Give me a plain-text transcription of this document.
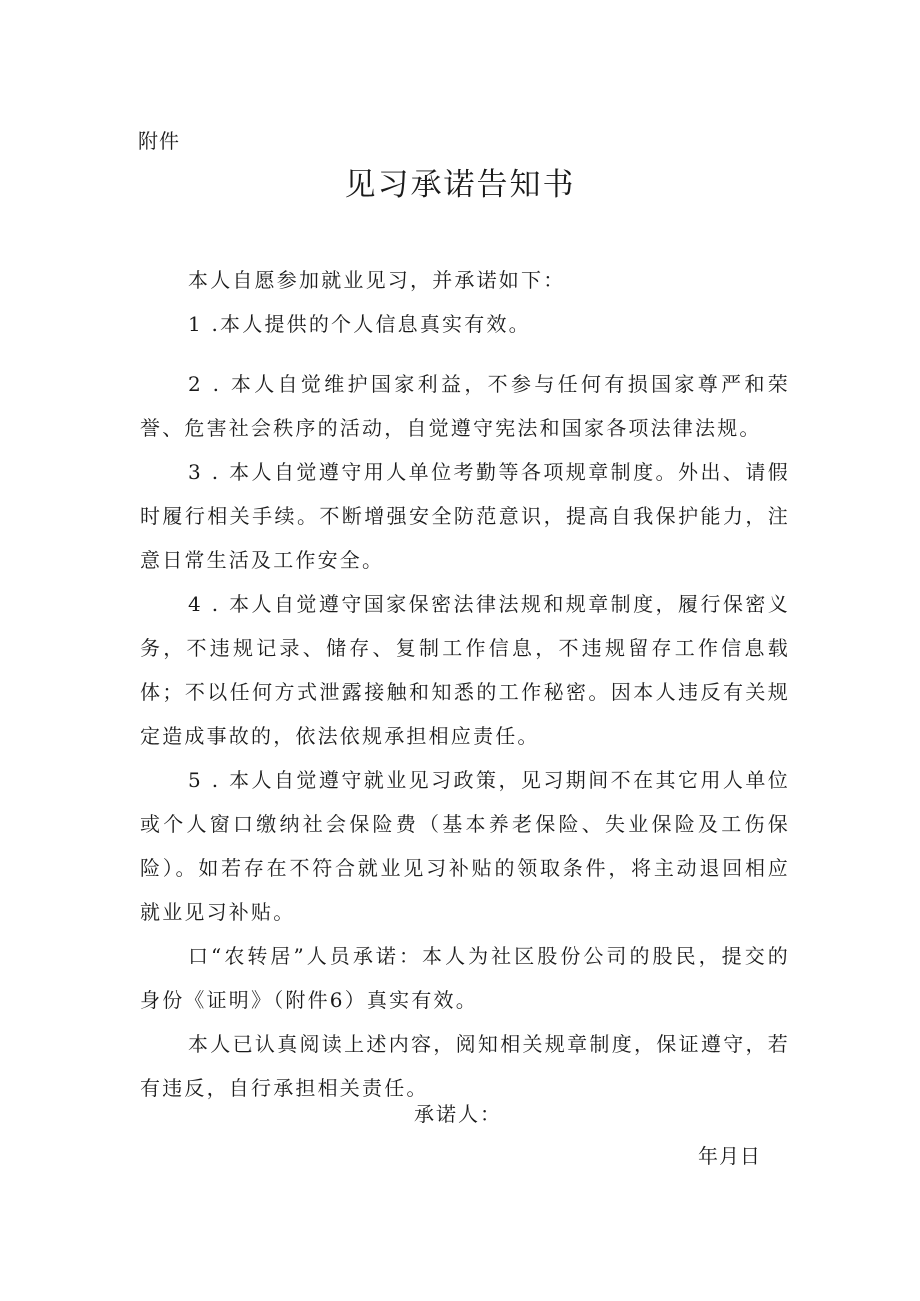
附件
见习承诺告知书

本人自愿参加就业见习，并承诺如下：

1 .本人提供的个人信息真实有效。

2 . 本人自觉维护国家利益，不参与任何有损国家尊严和荣誉、危害社会秩序的活动，自觉遵守宪法和国家各项法律法规。

3 . 本人自觉遵守用人单位考勤等各项规章制度。外出、请假时履行相关手续。不断增强安全防范意识，提高自我保护能力，注意日常生活及工作安全。

4 . 本人自觉遵守国家保密法律法规和规章制度，履行保密义务，不违规记录、储存、复制工作信息，不违规留存工作信息载体；不以任何方式泄露接触和知悉的工作秘密。因本人违反有关规定造成事故的，依法依规承担相应责任。

5 . 本人自觉遵守就业见习政策，见习期间不在其它用人单位或个人窗口缴纳社会保险费（基本养老保险、失业保险及工伤保险）。如若存在不符合就业见习补贴的领取条件，将主动退回相应就业见习补贴。

口“农转居”人员承诺：本人为社区股份公司的股民，提交的身份《证明》（附件6）真实有效。

本人已认真阅读上述内容，阅知相关规章制度，保证遵守，若有违反，自行承担相关责任。

承诺人：
年月日
